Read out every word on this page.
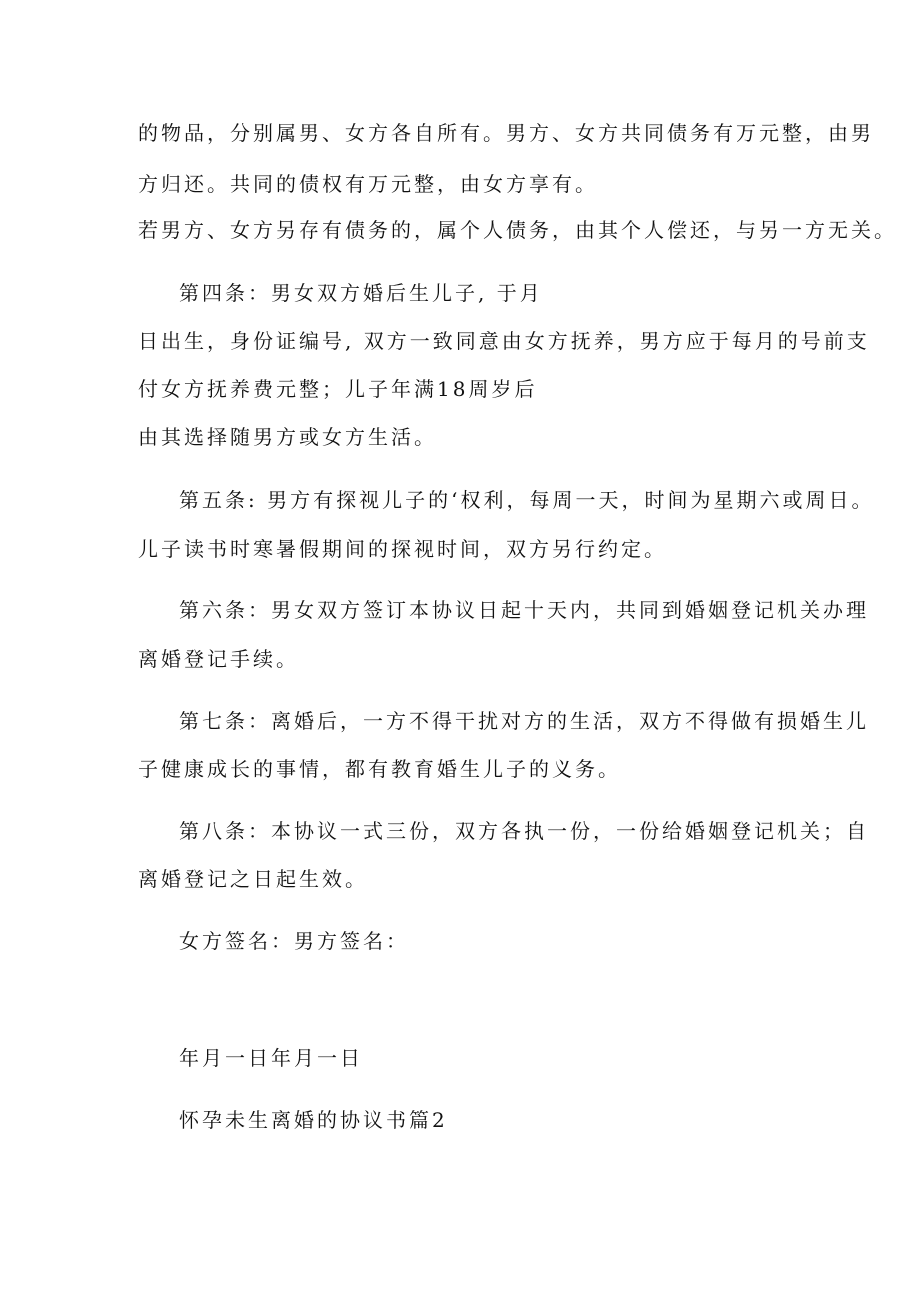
的物品，分别属男、女方各自所有。男方、女方共同债务有万元整，由男
方归还。共同的债权有万元整，由女方享有。
若男方、女方另存有债务的，属个人债务，由其个人偿还，与另一方无关。
第四条：男女双方婚后生儿子, 于月
日出生，身份证编号, 双方一致同意由女方抚养，男方应于每月的号前支
付女方抚养费元整；儿子年满18周岁后
由其选择随男方或女方生活。
第五条: 男方有探视儿子的‘权利，每周一天，时间为星期六或周日。
儿子读书时寒暑假期间的探视时间，双方另行约定。
第六条：男女双方签订本协议日起十天内，共同到婚姻登记机关办理
离婚登记手续。
第七条：离婚后，一方不得干扰对方的生活，双方不得做有损婚生儿
子健康成长的事情，都有教育婚生儿子的义务。
第八条：本协议一式三份，双方各执一份，一份给婚姻登记机关；自
离婚登记之日起生效。
女方签名：男方签名：
年月一日年月一日
怀孕未生离婚的协议书篇2
